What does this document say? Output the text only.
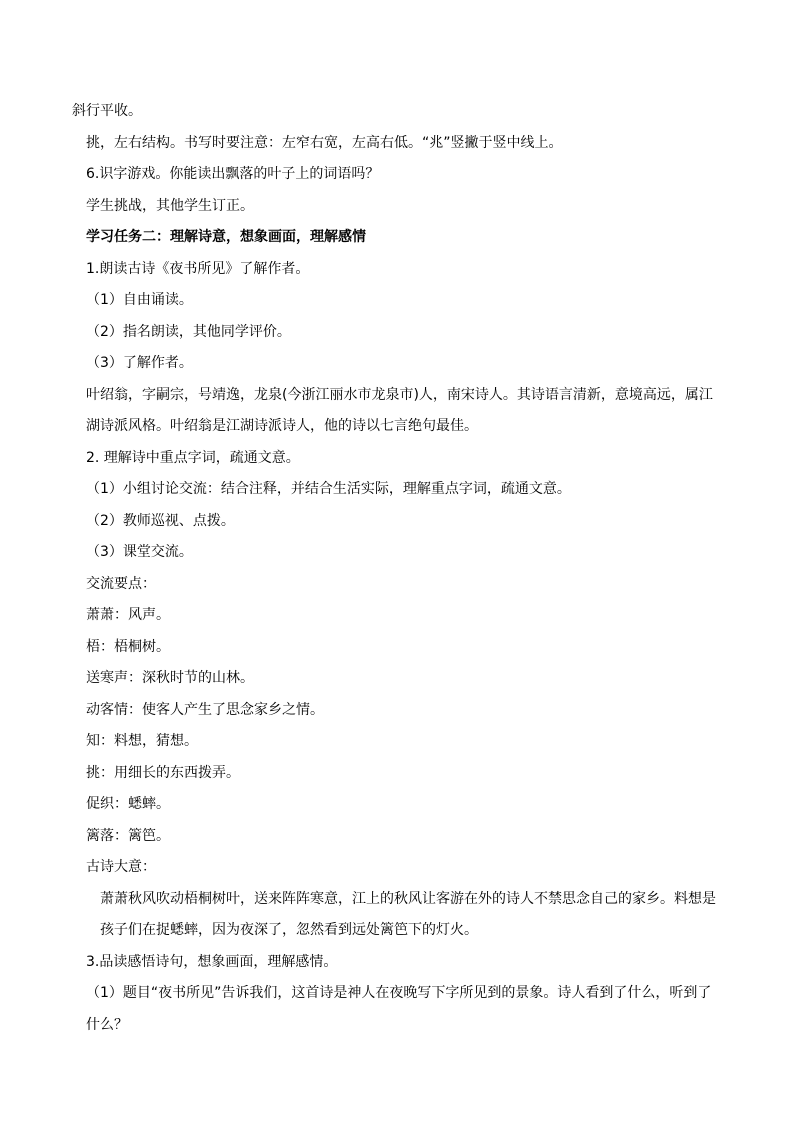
斜行平收。
挑，左右结构。书写时要注意：左窄右宽，左高右低。“兆”竖撇于竖中线上。
6.识字游戏。你能读出飘落的叶子上的词语吗？
学生挑战，其他学生订正。
学习任务二：理解诗意，想象画面，理解感情
1.朗读古诗《夜书所见》了解作者。
（1）自由诵读。
（2）指名朗读，其他同学评价。
（3）了解作者。
叶绍翁，字嗣宗，号靖逸，龙泉(今浙江丽水市龙泉市)人，南宋诗人。其诗语言清新，意境高远，属江湖诗派风格。叶绍翁是江湖诗派诗人，他的诗以七言绝句最佳。
2. 理解诗中重点字词，疏通文意。
（1）小组讨论交流：结合注释，并结合生活实际，理解重点字词，疏通文意。
（2）教师巡视、点拨。
（3）课堂交流。
交流要点：
萧萧：风声。
梧：梧桐树。
送寒声：深秋时节的山林。
动客情：使客人产生了思念家乡之情。
知：料想，猜想。
挑：用细长的东西拨弄。
促织：蟋蟀。
篱落：篱笆。
古诗大意：
萧萧秋风吹动梧桐树叶，送来阵阵寒意，江上的秋风让客游在外的诗人不禁思念自己的家乡。料想是孩子们在捉蟋蟀，因为夜深了，忽然看到远处篱笆下的灯火。
3.品读感悟诗句，想象画面，理解感情。
（1）题目“夜书所见”告诉我们，这首诗是神人在夜晚写下字所见到的景象。诗人看到了什么，听到了什么？
